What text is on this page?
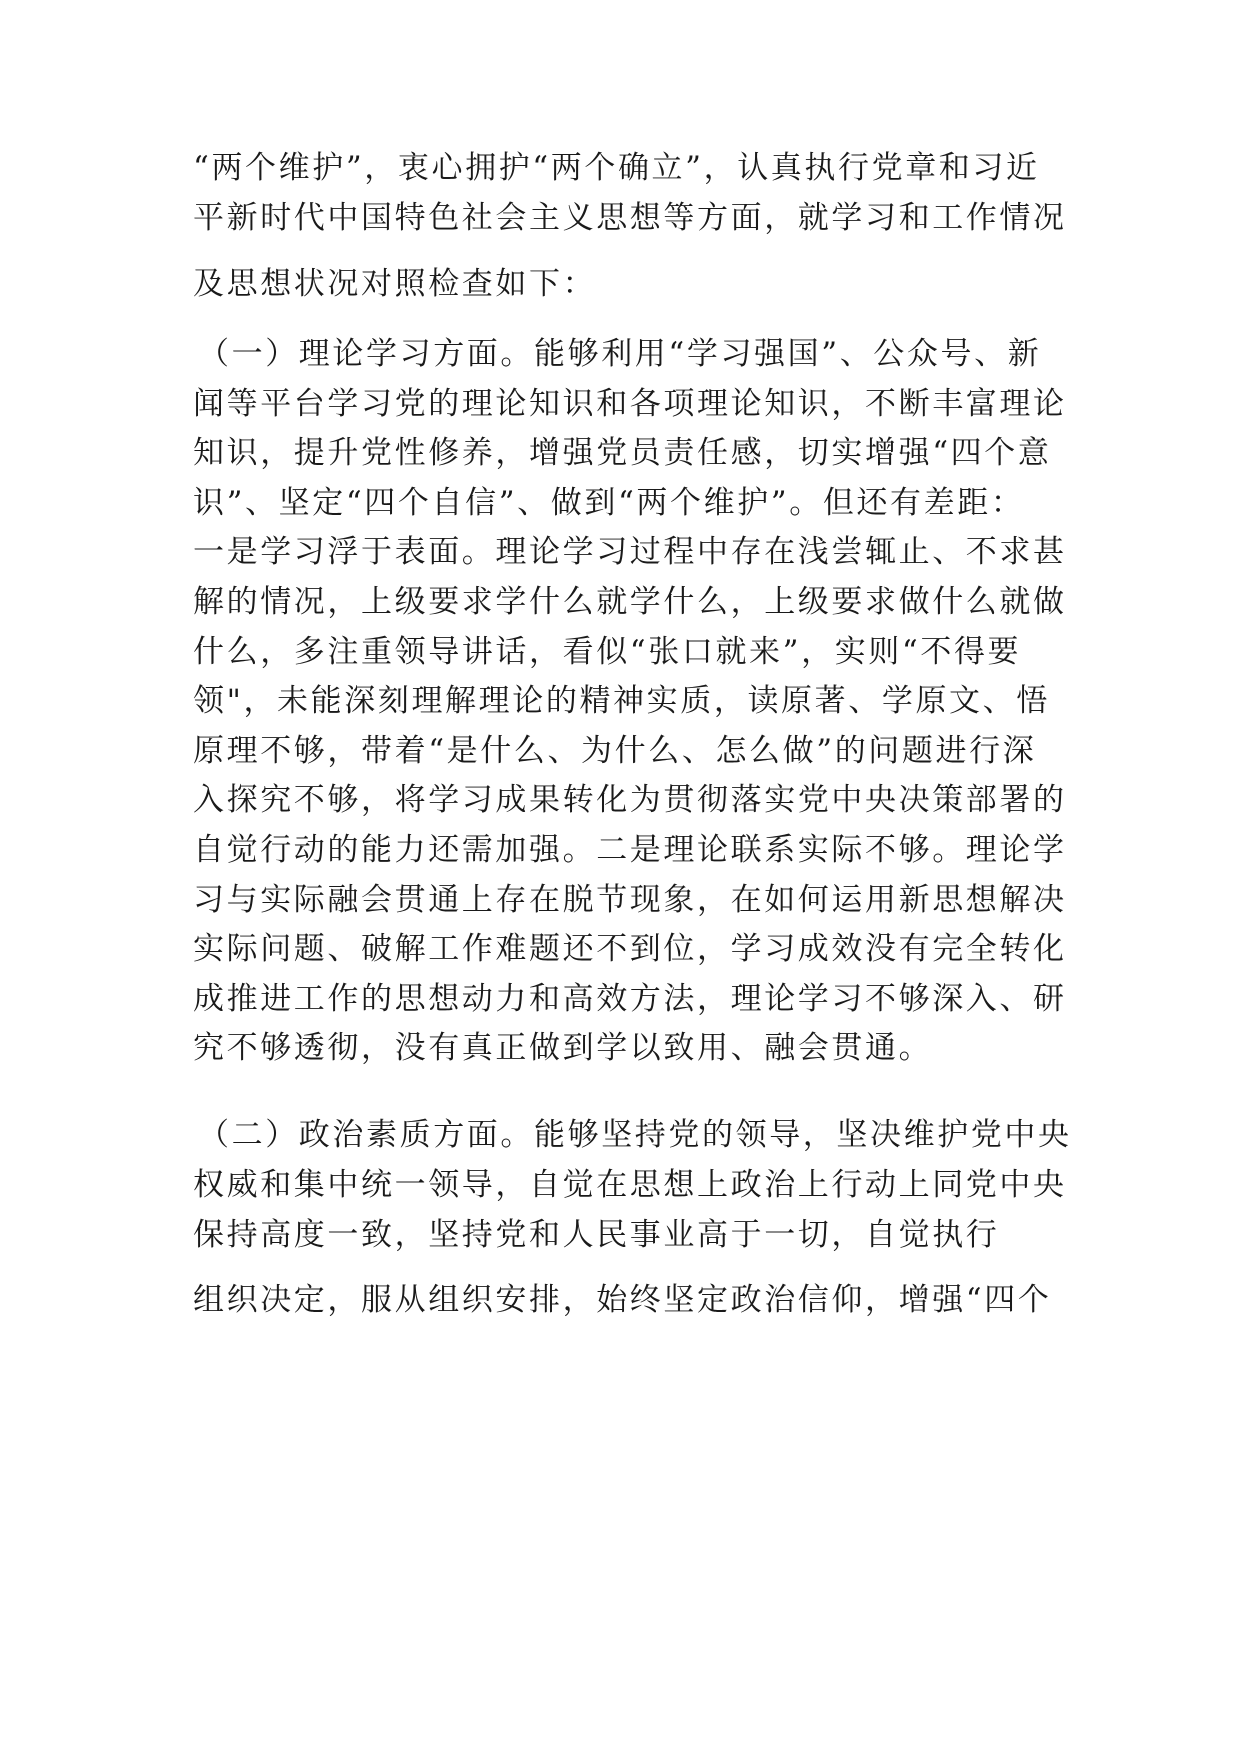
“两个维护”，衷心拥护“两个确立”，认真执行党章和习近
平新时代中国特色社会主义思想等方面，就学习和工作情况
及思想状况对照检查如下：
（一）理论学习方面。能够利用“学习强国”、公众号、新
闻等平台学习党的理论知识和各项理论知识，不断丰富理论
知识，提升党性修养，增强党员责任感，切实增强“四个意
识”、坚定“四个自信”、做到“两个维护”。但还有差距：
一是学习浮于表面。理论学习过程中存在浅尝辄止、不求甚
解的情况，上级要求学什么就学什么，上级要求做什么就做
什么，多注重领导讲话，看似“张口就来”，实则“不得要
领"，未能深刻理解理论的精神实质，读原著、学原文、悟
原理不够，带着“是什么、为什么、怎么做”的问题进行深
入探究不够，将学习成果转化为贯彻落实党中央决策部署的
自觉行动的能力还需加强。二是理论联系实际不够。理论学
习与实际融会贯通上存在脱节现象，在如何运用新思想解决
实际问题、破解工作难题还不到位，学习成效没有完全转化
成推进工作的思想动力和高效方法，理论学习不够深入、研
究不够透彻，没有真正做到学以致用、融会贯通。
（二）政治素质方面。能够坚持党的领导，坚决维护党中央
权威和集中统一领导，自觉在思想上政治上行动上同党中央
保持高度一致，坚持党和人民事业高于一切，自觉执行
组织决定，服从组织安排，始终坚定政治信仰，增强“四个
